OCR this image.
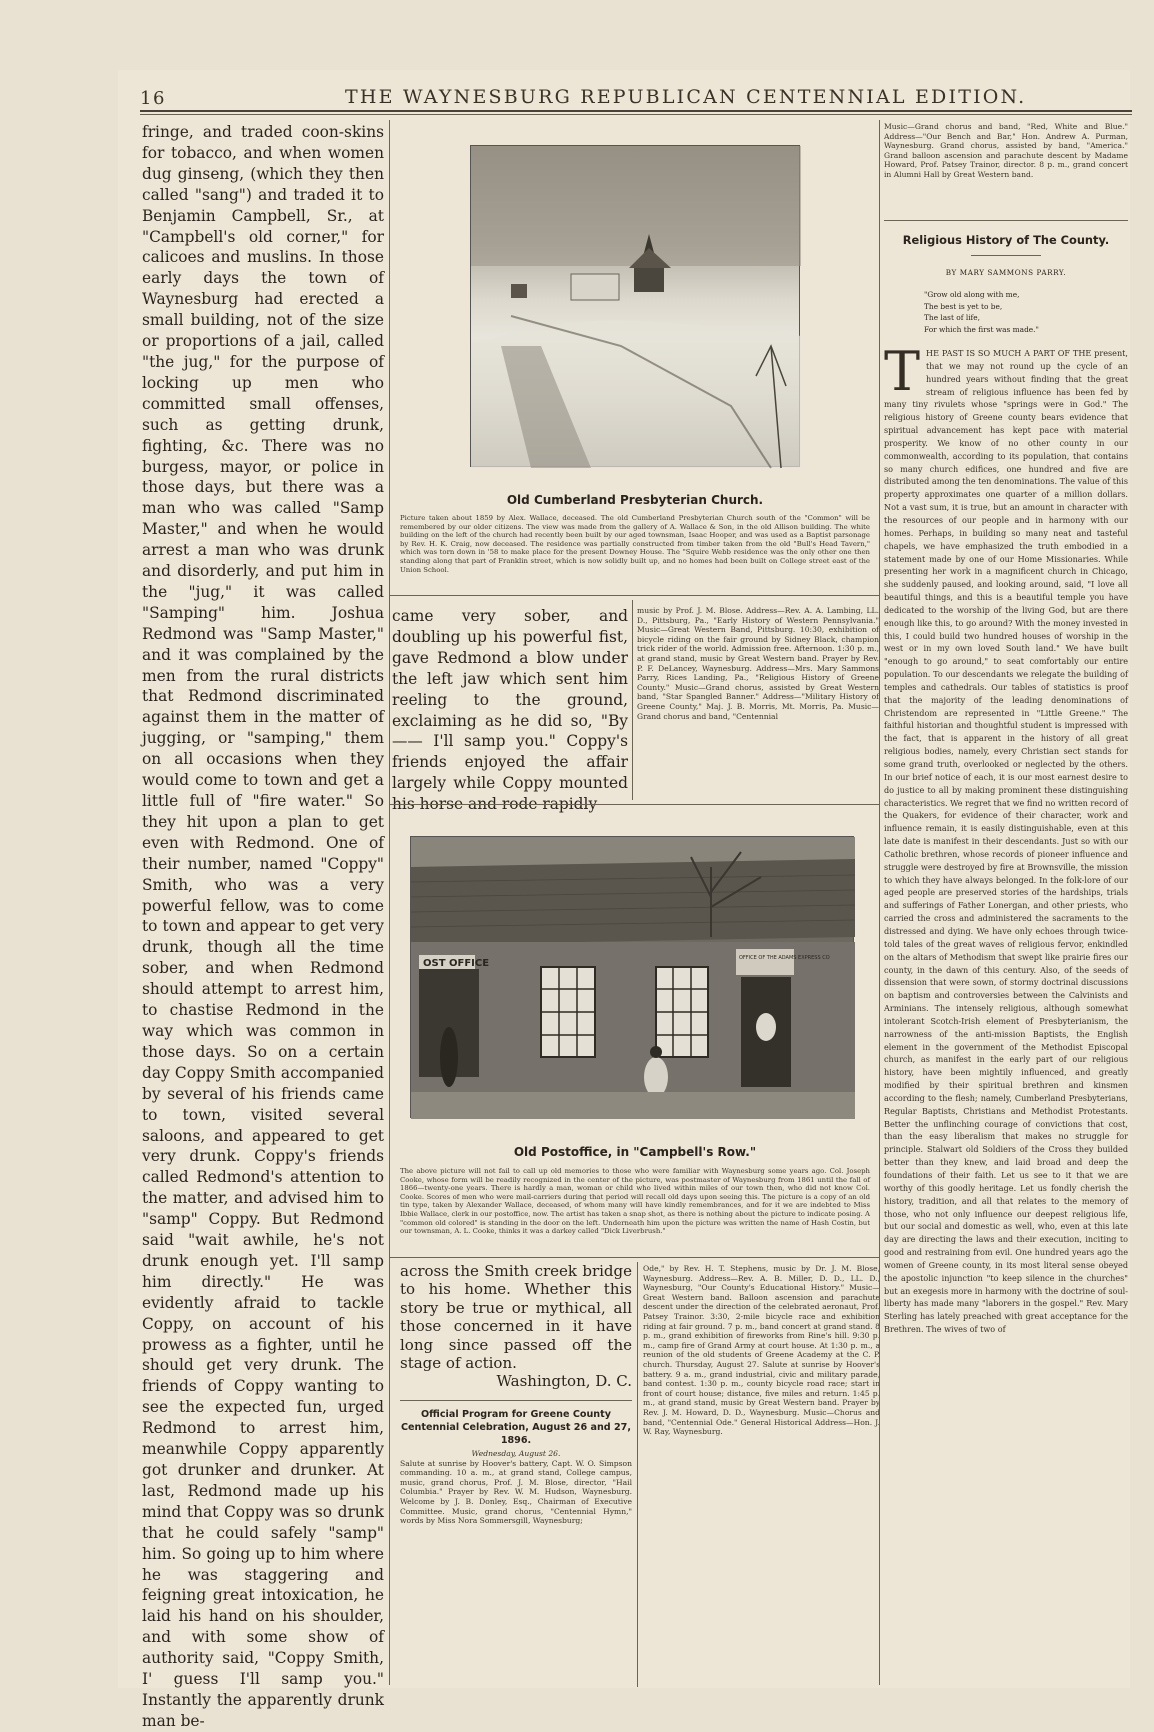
16	THE WAYNESBURG REPUBLICAN CENTENNIAL EDITION.
fringe, and traded coon-skins for tobacco, and when women dug ginseng, (which they then called "sang") and traded it to Benjamin Campbell, Sr., at "Campbell's old corner," for calicoes and muslins. In those early days the town of Waynesburg had erected a small building, not of the size or proportions of a jail, called "the jug," for the purpose of locking up men who committed small offenses, such as getting drunk, fighting, &c. There was no burgess, mayor, or police in those days, but there was a man who was called "Samp Master," and when he would arrest a man who was drunk and disorderly, and put him in the "jug," it was called "Samping" him. Joshua Redmond was "Samp Master," and it was complained by the men from the rural districts that Redmond discriminated against them in the matter of jugging, or "samping," them on all occasions when they would come to town and get a little full of "fire water." So they hit upon a plan to get even with Redmond. One of their number, named "Coppy" Smith, who was a very powerful fellow, was to come to town and appear to get very drunk, though all the time sober, and when Redmond should attempt to arrest him, to chastise Redmond in the way which was common in those days. So on a certain day Coppy Smith accompanied by several of his friends came to town, visited several saloons, and appeared to get very drunk. Coppy's friends called Redmond's attention to the matter, and advised him to "samp" Coppy. But Redmond said "wait awhile, he's not drunk enough yet. I'll samp him directly." He was evidently afraid to tackle Coppy, on account of his prowess as a fighter, until he should get very drunk. The friends of Coppy wanting to see the expected fun, urged Redmond to arrest him, meanwhile Coppy apparently got drunker and drunker. At last, Redmond made up his mind that Coppy was so drunk that he could safely "samp" him. So going up to him where he was staggering and feigning great intoxication, he laid his hand on his shoulder, and with some show of authority said, "Coppy Smith, I' guess I'll samp you." Instantly the apparently drunk man be-
Old Cumberland Presbyterian Church.
Picture taken about 1859 by Alex. Wallace, deceased. The old Cumberland Presbyterian Church south of the "Common" will be remembered by our older citizens. The view was made from the gallery of A. Wallace & Son, in the old Allison building. The white building on the left of the church had recently been built by our aged townsman, Isaac Hooper, and was used as a Baptist parsonage by Rev. H. K. Craig, now deceased. The residence was partially constructed from timber taken from the old "Bull's Head Tavern," which was torn down in '58 to make place for the present Downey House. The "Squire Webb residence was the only other one then standing along that part of Franklin street, which is now solidly built up, and no homes had been built on College street east of the Union School.
came very sober, and doubling up his powerful fist, gave Redmond a blow under the left jaw which sent him reeling to the ground, exclaiming as he did so, "By —— I'll samp you." Coppy's friends enjoyed the affair largely while Coppy mounted his horse and rode rapidly
music by Prof. J. M. Blose. Address—Rev. A. A. Lambing, LL. D., Pittsburg, Pa., "Early History of Western Pennsylvania." Music—Great Western Band, Pittsburg. 10:30, exhibition of bicycle riding on the fair ground by Sidney Black, champion trick rider of the world. Admission free. Afternoon. 1:30 p. m., at grand stand, music by Great Western band. Prayer by Rev. P. F. DeLancey, Waynesburg. Address—Mrs. Mary Sammons Parry, Rices Landing, Pa., "Religious History of Greene County." Music—Grand chorus, assisted by Great Western band, "Star Spangled Banner." Address—"Military History of Greene County," Maj. J. B. Morris, Mt. Morris, Pa. Music—Grand chorus and band, "Centennial
OST OFFICE	OFFICE OF THE ADAMS EXPRESS CO
Old Postoffice, in "Campbell's Row."
The above picture will not fail to call up old memories to those who were familiar with Waynesburg some years ago. Col. Joseph Cooke, whose form will be readily recognized in the center of the picture, was postmaster of Waynesburg from 1861 until the fall of 1866—twenty-one years. There is hardly a man, woman or child who lived within miles of our town then, who did not know Col. Cooke. Scores of men who were mail-carriers during that period will recall old days upon seeing this. The picture is a copy of an old tin type, taken by Alexander Wallace, deceased, of whom many will have kindly remembrances, and for it we are indebted to Miss Ibbie Wallace, clerk in our postoffice, now. The artist has taken a snap shot, as there is nothing about the picture to indicate posing. A "common old colored" is standing in the door on the left. Underneath him upon the picture was written the name of Hash Costin, but our townsman, A. L. Cooke, thinks it was a darkey called "Dick Liverbrush."
across the Smith creek bridge to his home. Whether this story be true or mythical, all those concerned in it have long since passed off the stage of action.
Washington, D. C.
Official Program for Greene County Centennial Celebration, August 26 and 27, 1896.
Wednesday, August 26.
Salute at sunrise by Hoover's battery, Capt. W. O. Simpson commanding. 10 a. m., at grand stand, College campus, music, grand chorus, Prof. J. M. Blose, director, "Hail Columbia." Prayer by Rev. W. M. Hudson, Waynesburg. Welcome by J. B. Donley, Esq., Chairman of Executive Committee. Music, grand chorus, "Centennial Hymn," words by Miss Nora Sommersgill, Waynesburg;
Ode," by Rev. H. T. Stephens, music by Dr. J. M. Blose, Waynesburg. Address—Rev. A. B. Miller, D. D., LL. D., Waynesburg, "Our County's Educational History." Music—Great Western band. Balloon ascension and parachute descent under the direction of the celebrated aeronaut, Prof. Patsey Trainor. 3:30, 2-mile bicycle race and exhibition riding at fair ground. 7 p. m., band concert at grand stand. 8 p. m., grand exhibition of fireworks from Rine's hill. 9:30 p. m., camp fire of Grand Army at court house. At 1:30 p. m., a reunion of the old students of Greene Academy at the C. P. church. Thursday, August 27. Salute at sunrise by Hoover's battery. 9 a. m., grand industrial, civic and military parade, band contest. 1:30 p. m., county bicycle road race; start in front of court house; distance, five miles and return. 1:45 p. m., at grand stand, music by Great Western band. Prayer by Rev. J. M. Howard, D. D., Waynesburg. Music—Chorus and band, "Centennial Ode." General Historical Address—Hon. J. W. Ray, Waynesburg.
Music—Grand chorus and band, "Red, White and Blue." Address—"Our Bench and Bar," Hon. Andrew A. Purman, Waynesburg. Grand chorus, assisted by band, "America." Grand balloon ascension and parachute descent by Madame Howard, Prof. Patsey Trainor, director. 8 p. m., grand concert in Alumni Hall by Great Western band.
Religious History of The County.
BY MARY SAMMONS PARRY.
"Grow old along with me,
The best is yet to be,
The last of life,
For which the first was made."
THE PAST IS SO MUCH A PART OF THE present, that we may not round up the cycle of an hundred years without finding that the great stream of religious influence has been fed by many tiny rivulets whose "springs were in God." The religious history of Greene county bears evidence that spiritual advancement has kept pace with material prosperity. We know of no other county in our commonwealth, according to its population, that contains so many church edifices, one hundred and five are distributed among the ten denominations. The value of this property approximates one quarter of a million dollars. Not a vast sum, it is true, but an amount in character with the resources of our people and in harmony with our homes. Perhaps, in building so many neat and tasteful chapels, we have emphasized the truth embodied in a statement made by one of our Home Missionaries. While presenting her work in a magnificent church in Chicago, she suddenly paused, and looking around, said, "I love all beautiful things, and this is a beautiful temple you have dedicated to the worship of the living God, but are there enough like this, to go around? With the money invested in this, I could build two hundred houses of worship in the west or in my own loved South land." We have built "enough to go around," to seat comfortably our entire population. To our descendants we relegate the building of temples and cathedrals. Our tables of statistics is proof that the majority of the leading denominations of Christendom are represented in "Little Greene." The faithful historian and thoughtful student is impressed with the fact, that is apparent in the history of all great religious bodies, namely, every Christian sect stands for some grand truth, overlooked or neglected by the others. In our brief notice of each, it is our most earnest desire to do justice to all by making prominent these distinguishing characteristics. We regret that we find no written record of the Quakers, for evidence of their character, work and influence remain, it is easily distinguishable, even at this late date is manifest in their descendants. Just so with our Catholic brethren, whose records of pioneer influence and struggle were destroyed by fire at Brownsville, the mission to which they have always belonged. In the folk-lore of our aged people are preserved stories of the hardships, trials and sufferings of Father Lonergan, and other priests, who carried the cross and administered the sacraments to the distressed and dying. We have only echoes through twice-told tales of the great waves of religious fervor, enkindled on the altars of Methodism that swept like prairie fires our county, in the dawn of this century. Also, of the seeds of dissension that were sown, of stormy doctrinal discussions on baptism and controversies between the Calvinists and Arminians. The intensely religious, although somewhat intolerant Scotch-Irish element of Presbyterianism, the narrowness of the anti-mission Baptists, the English element in the government of the Methodist Episcopal church, as manifest in the early part of our religious history, have been mightily influenced, and greatly modified by their spiritual brethren and kinsmen according to the flesh; namely, Cumberland Presbyterians, Regular Baptists, Christians and Methodist Protestants. Better the unflinching courage of convictions that cost, than the easy liberalism that makes no struggle for principle. Stalwart old Soldiers of the Cross they builded better than they knew, and laid broad and deep the foundations of their faith. Let us see to it that we are worthy of this goodly heritage. Let us fondly cherish the history, tradition, and all that relates to the memory of those, who not only influence our deepest religious life, but our social and domestic as well, who, even at this late day are directing the laws and their execution, inciting to good and restraining from evil. One hundred years ago the women of Greene county, in its most literal sense obeyed the apostolic injunction "to keep silence in the churches" but an exegesis more in harmony with the doctrine of soul-liberty has made many "laborers in the gospel." Rev. Mary Sterling has lately preached with great acceptance for the Brethren. The wives of two of
